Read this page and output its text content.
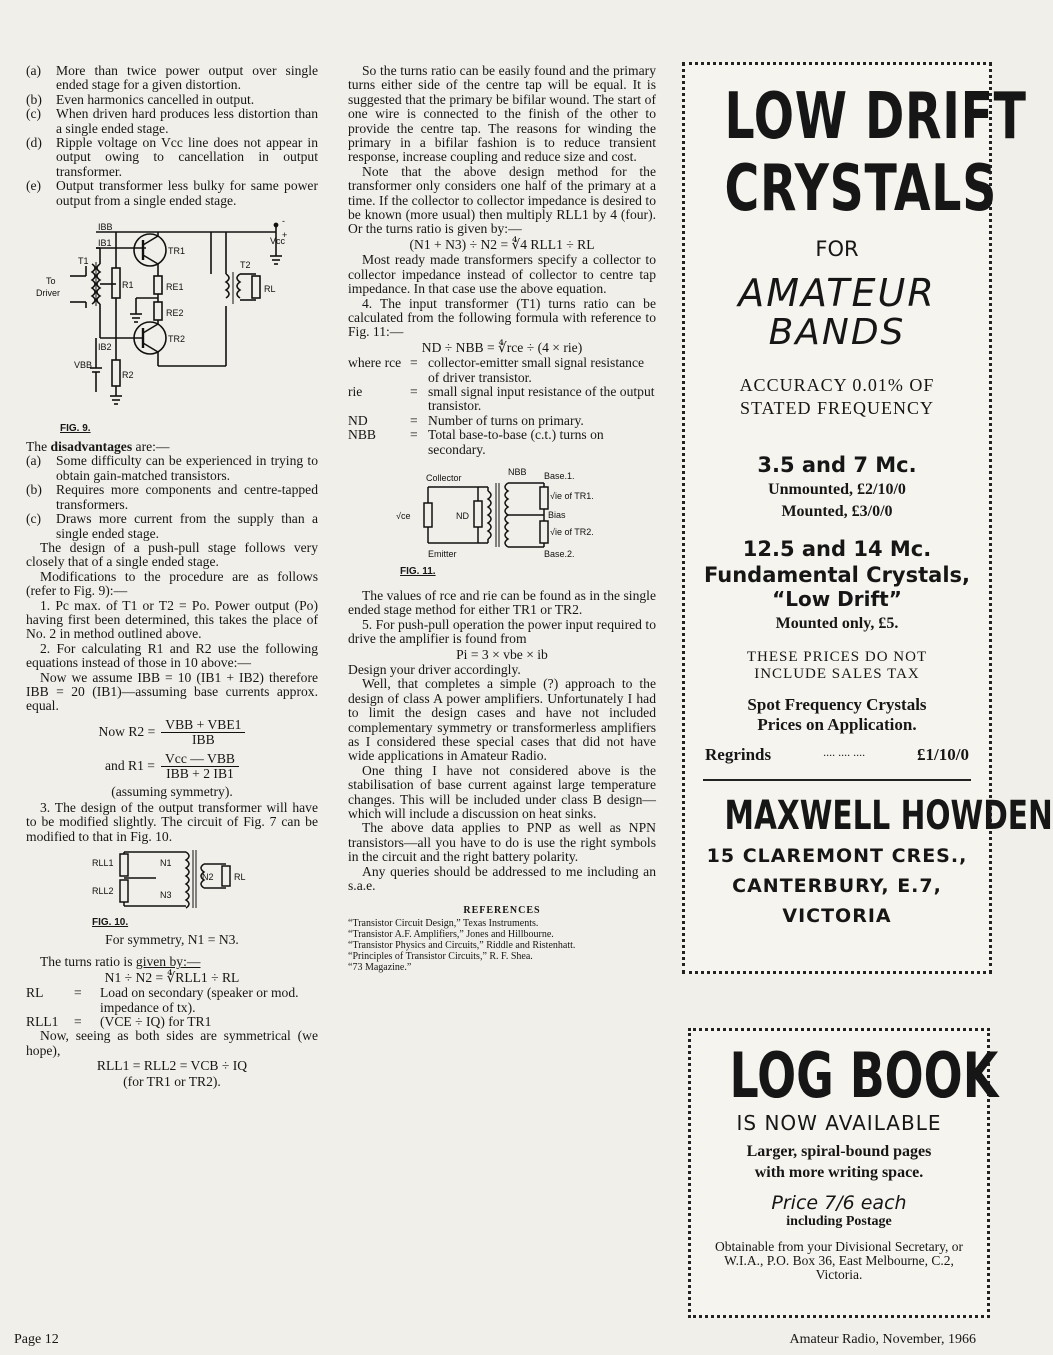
(a)	More than twice power output over single ended stage for a given distortion.
(b)	Even harmonics cancelled in output.
(c)	When driven hard produces less distortion than a single ended stage.
(d)	Ripple voltage on Vcc line does not appear in output owing to cancellation in output transformer.
(e)	Output transformer less bulky for same power output from a single ended stage.
IBB
IB1
TR1
TR2
T1	T2
R1
R2
RE1
RE2
RL
To
Driver
IB2
VBB
Vcc
-
+
FIG. 9.

The disadvantages are:—

(a)	Some difficulty can be experienced in trying to obtain gain-matched transistors.
(b)	Requires more components and centre-tapped transformers.
(c)	Draws more current from the supply than a single ended stage.

The design of a push-pull stage follows very closely that of a single ended stage.

Modifications to the procedure are as follows (refer to Fig. 9):—

1. Pc max. of T1 or T2 = Po. Power output (Po) having first been determined, this takes the place of No. 2 in method outlined above.

2. For calculating R1 and R2 use the following equations instead of those in 10 above:—

Now we assume IBB = 10 (IB1 + IB2) therefore IBB = 20 (IB1)—assuming base currents approx. equal.

Now R2 =
VBB + VBE1
IBB
and R1 =
Vcc — VBB
IBB + 2 IB1
(assuming symmetry).

3. The design of the output transformer will have to be modified slightly. The circuit of Fig. 7 can be modified to that in Fig. 10.

RLL1
RLL2
N1
N3
N2 RL
FIG. 10.
For symmetry, N1 = N3.

The turns ratio is given by:—

N1 ÷ N2 = ∜RLL1 ÷ RL
RL	=	Load on secondary (speaker or mod. impedance of tx).
RLL1	=	(VCE ÷ IQ) for TR1

Now, seeing as both sides are symmetrical (we hope),

RLL1 = RLL2 = VCB ÷ IQ
(for TR1 or TR2).

So the turns ratio can be easily found and the primary turns either side of the centre tap will be equal. It is suggested that the primary be bifilar wound. The start of one wire is connected to the finish of the other to provide the centre tap. The reasons for winding the primary in a bifilar fashion is to reduce transient response, increase coupling and reduce size and cost.

Note that the above design method for the transformer only considers one half of the primary at a time. If the collector to collector impedance is desired to be known (more usual) then multiply RLL1 by 4 (four). Or the turns ratio is given by:—

(N1 + N3) ÷ N2 = ∜4 RLL1 ÷ RL

Most ready made transformers specify a collector to collector impedance instead of collector to centre tap impedance. In that case use the above equation.

4. The input transformer (T1) turns ratio can be calculated from the following formula with reference to Fig. 11:—

ND ÷ NBB = ∜rce ÷ (4 × rie)
where rce = collector-emitter small signal resistance of driver transistor.
rie	= small signal input resistance of the output transistor.
ND	= Number of turns on primary.
NBB	= Total base-to-base (c.t.) turns on secondary.
Collector
Emitter
√ce	ND
NBB Base.1.
Base.2.
Bias
√ie of TR1.
√ie of TR2.
FIG. 11.

The values of rce and rie can be found as in the single ended stage method for either TR1 or TR2.

5. For push-pull operation the power input required to drive the amplifier is found from

Pi = 3 × vbe × ib

Design your driver accordingly.

Well, that completes a simple (?) approach to the design of class A power amplifiers. Unfortunately I had to limit the design cases and have not included complementary symmetry or transformerless amplifiers as I considered these special cases that did not have wide applications in Amateur Radio.

One thing I have not considered above is the stabilisation of base current against large temperature changes. This will be included under class B design—which will include a discussion on heat sinks.

The above data applies to PNP as well as NPN transistors—all you have to do is use the right symbols in the circuit and the right battery polarity.

Any queries should be addressed to me including an s.a.e.

REFERENCES
“Transistor Circuit Design,” Texas Instruments.
“Transistor A.F. Amplifiers,” Jones and Hillbourne.
“Transistor Physics and Circuits,” Riddle and Ristenhatt.
“Principles of Transistor Circuits,” R. F. Shea.
“73 Magazine.”
LOW DRIFT
CRYSTALS
FOR
AMATEUR
BANDS
ACCURACY 0.01% OF
STATED FREQUENCY
3.5 and 7 Mc.
Unmounted, £2/10/0
Mounted, £3/0/0
12.5 and 14 Mc.
Fundamental Crystals,
“Low Drift”
Mounted only, £5.
THESE PRICES DO NOT
INCLUDE SALES TAX
Spot Frequency Crystals
Prices on Application.
Regrinds	.... .... ....	£1/10/0
MAXWELL HOWDEN
15 CLAREMONT CRES.,
CANTERBURY, E.7,
VICTORIA
LOG BOOK
IS NOW AVAILABLE
Larger, spiral-bound pages
with more writing space.
Price 7/6 each
including Postage
Obtainable from your Divisional Secretary, or W.I.A., P.O. Box 36, East Melbourne, C.2, Victoria.
Page 12	Amateur Radio, November, 1966
